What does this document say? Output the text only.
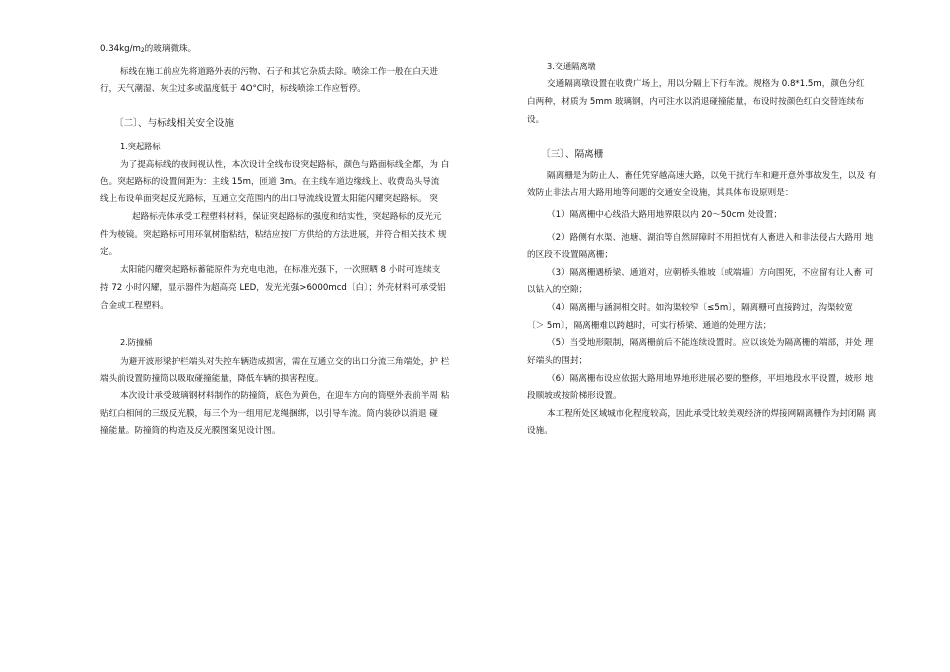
$0.34kg/m_2$的玻璃微珠。
标线在施工前应先将道路外表的污物、石子和其它杂质去除。喷涂工作一般在白天进
行，天气潮湿、灰尘过多或温度低于 4O°C时，标线喷涂工作应暂停。
〔二〕、与标线相关安全设施
1.突起路标
为了提高标线的夜间视认性，本次设计全线布设突起路标，颜色与路面标线全都，为 白
色。突起路标的设置间距为：主线 15m，匝道 3m。在主线车道边缘线上、收费岛头导流
线上布设单面突起反光路标，互通立交范围内的出口导流线设置太阳能闪耀突起路标。 突
起路标壳体承受工程塑料材料，保证突起路标的强度和结实性，突起路标的反光元
件为棱镜。突起路标可用环氧树脂粘结，粘结应按厂方供给的方法进展，并符合相关技术 规
定。
太阳能闪耀突起路标蓄能原件为充电电池，在标准光强下，一次照晒 8 小时可连续支
持 72 小时闪耀，显示器件为超高亮 LED，发光光强>6000mcd〔白〕；外壳材料可承受铝
合金或工程塑料。
2.防撞桶
为避开波形梁护栏端头对失控车辆造成损害，需在互通立交的出口分流三角端处，护 栏
端头前设置防撞筒以吸取碰撞能量，降低车辆的损害程度。
本次设计承受玻璃钢材料制作的防撞筒，底色为黄色，在迎车方向的筒壁外表前半周 粘
贴红白相间的三级反光膜，每三个为一组用尼龙绳捆绑，以引导车流。筒内装砂以消退 碰
撞能量。防撞筒的构造及反光膜图案见设计图。
3.交通隔离墩
交通隔离墩设置在收费广场上，用以分隔上下行车流。规格为 0.8*1.5m，颜色分红
白两种，材质为 5mm 玻璃钢，内可注水以消退碰撞能量，布设时按颜色红白交替连续布
设。
〔三〕、隔离栅
隔离栅是为防止人、畜任凭穿越高速大路，以免干扰行车和避开意外事故发生，以及 有
效防止非法占用大路用地等问题的交通安全设施，其具体布设原则是：
（1）隔离栅中心线沿大路用地界限以内 20～50cm 处设置；
（2）路侧有水渠、池塘、湖泊等自然屏障时不用担忧有人畜进入和非法侵占大路用 地
的区段不设置隔离栅；
（3）隔离栅遇桥梁、通道对，应朝桥头锥坡〔或端墙〕方向围死，不应留有让人畜 可
以钻入的空隙；
（4）隔离栅与涵洞相交时。如沟渠较窄〔≤5m〕，隔离栅可直接跨过，沟渠较宽
〔＞ 5m〕，隔离栅难以跨越时，可实行桥梁、通道的处理方法；
（5）当受地形限制，隔离栅前后不能连续设置时。应以该处为隔离栅的端部，并处 理
好端头的围封；
（6）隔离栅布设应依据大路用地界地形进展必要的整修，平坦地段水平设置，坡形 地
段顺坡或按阶梯形设置。
本工程所处区域城市化程度较高，因此承受比较美观经济的焊接网隔离栅作为封闭隔 离
设施。
